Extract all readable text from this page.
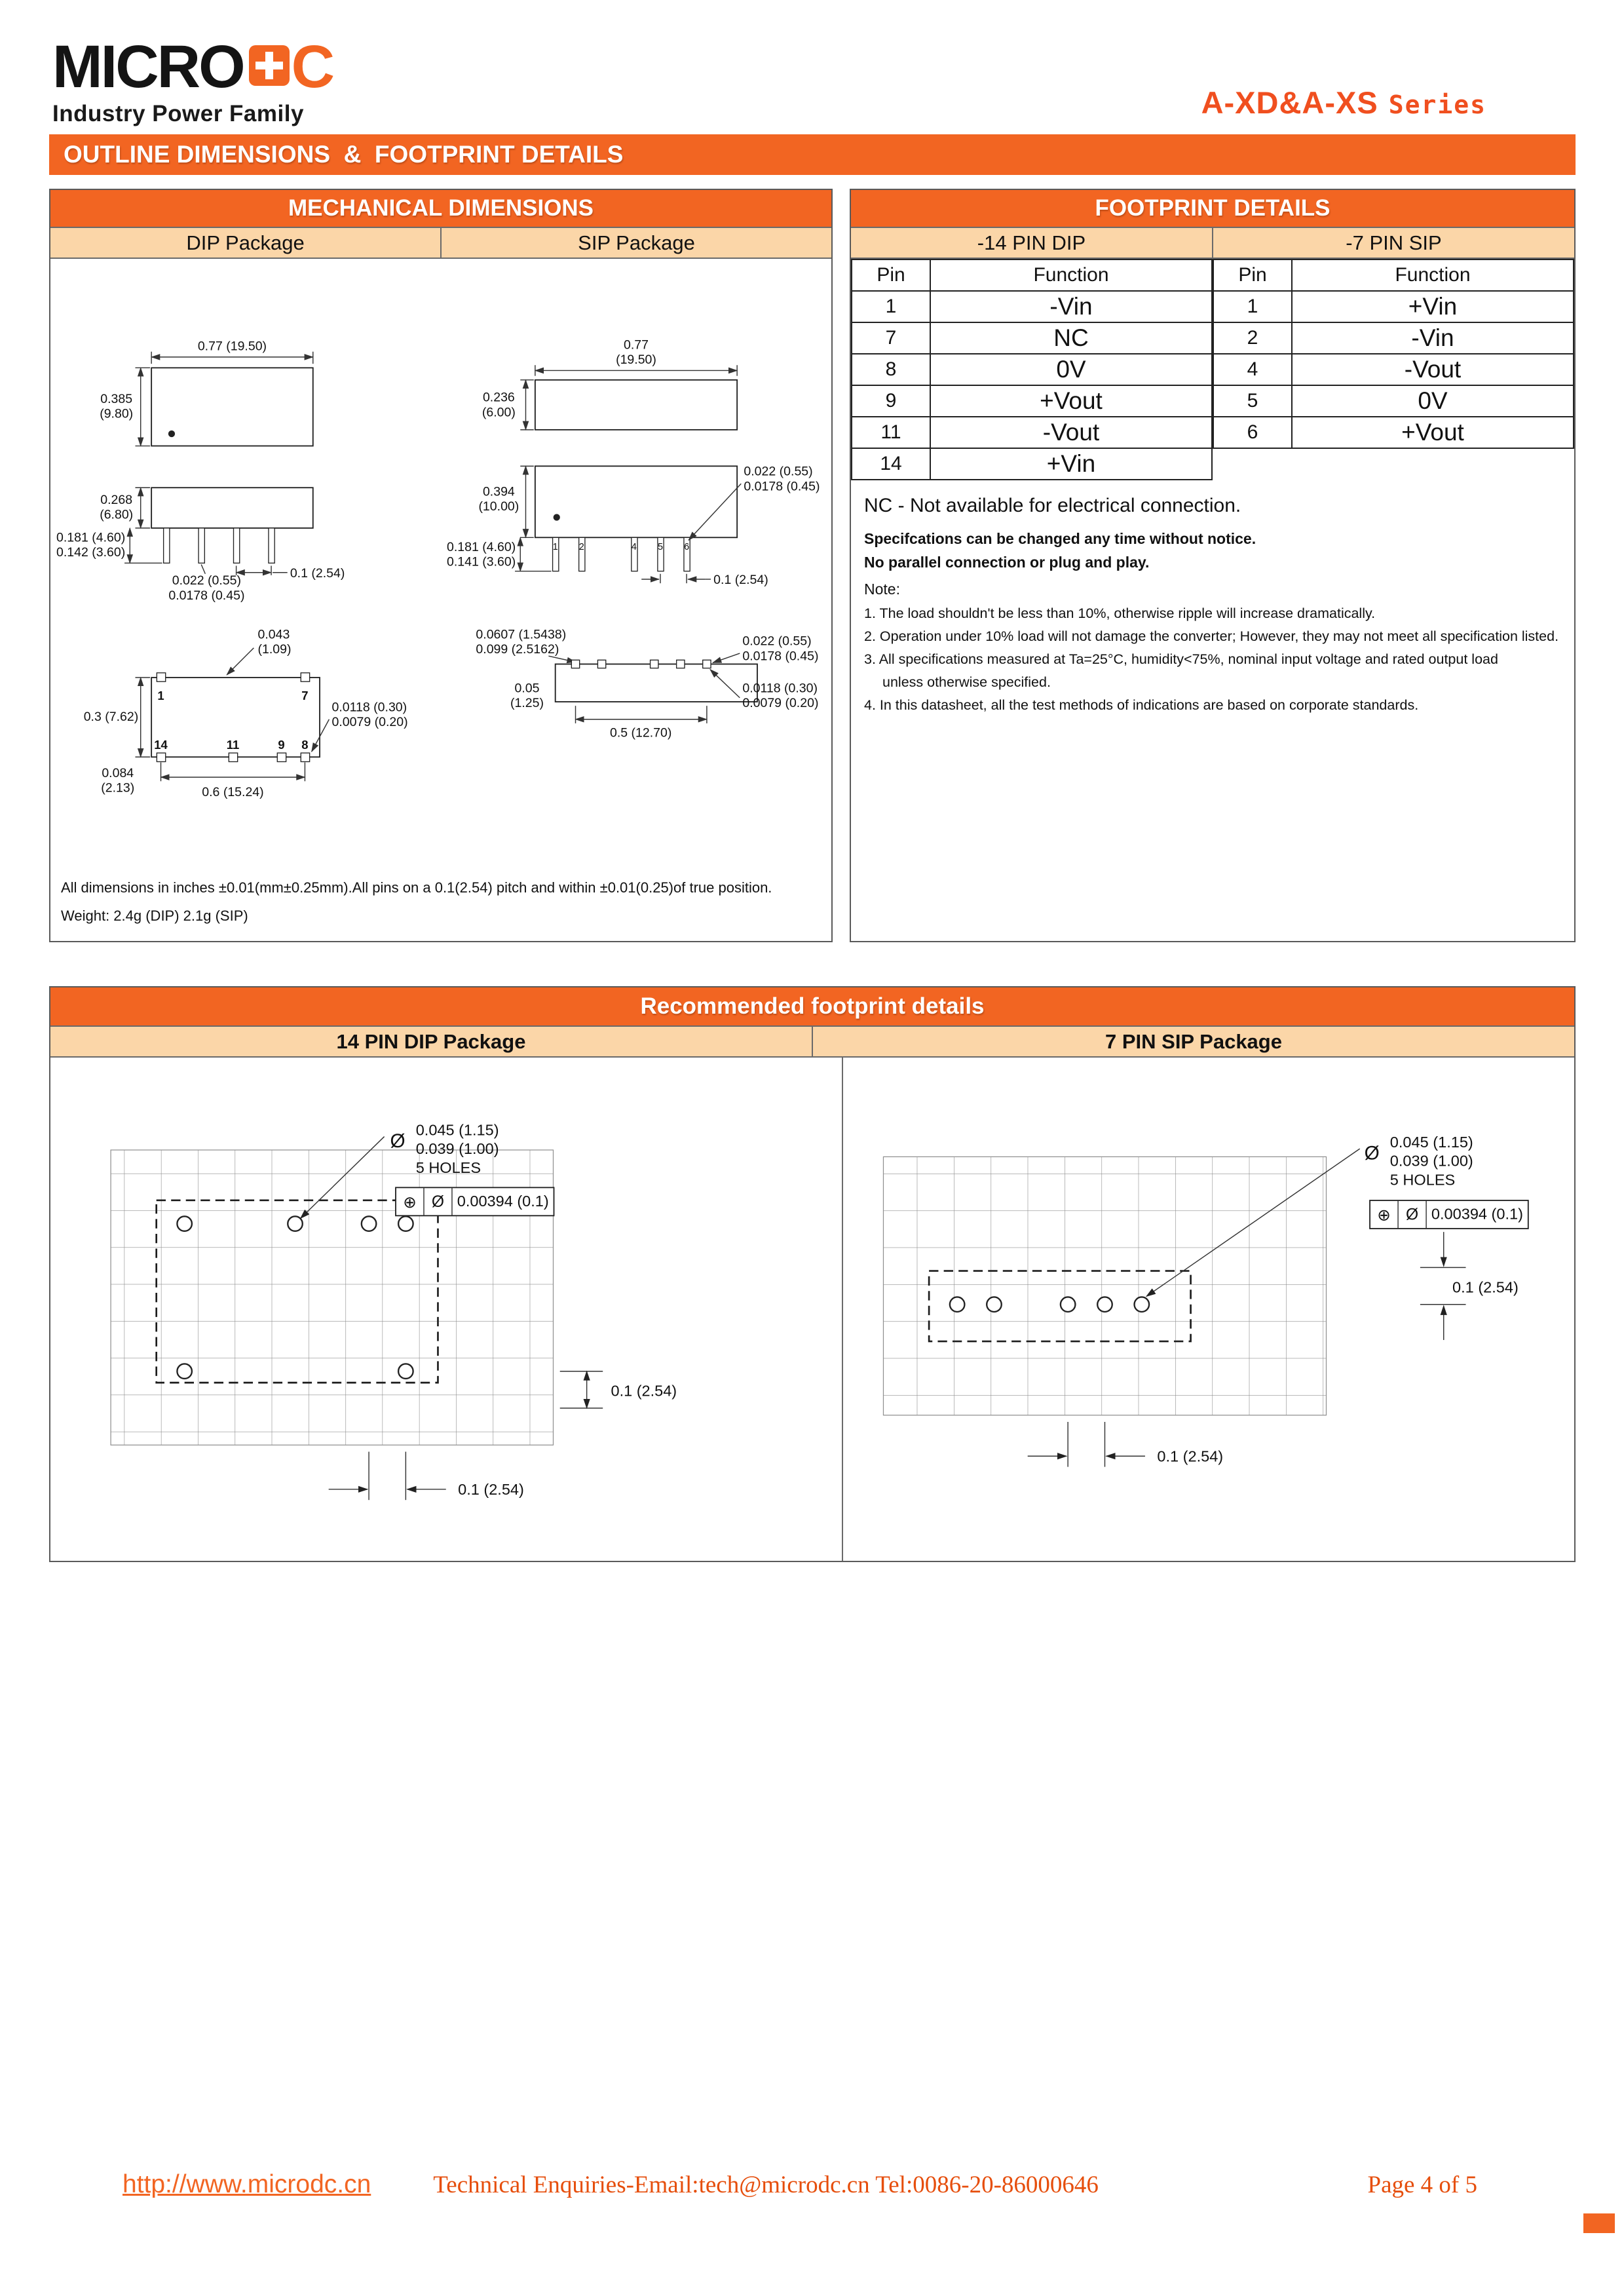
MICRO C
Industry Power Family	A-XD&A-XS Series
OUTLINE DIMENSIONS  &  FOOTPRINT DETAILS
MECHANICAL DIMENSIONS
DIP Package	SIP Package
0.77 (19.50)
0.385
(9.80)
0.268
(6.80)
0.181 (4.60)
0.142 (3.60)
0.022 (0.55)
0.0178 (0.45)
0.1 (2.54)
0.043
(1.09)
1	7
14	11	9 8
0.3 (7.62)
0.0118 (0.30)
0.0079 (0.20)
0.084
(2.13)	0.6 (15.24)
0.77
(19.50)
0.236
(6.00)
0.394
(10.00)
1 2	4 5 6
0.022 (0.55)
0.0178 (0.45)
0.181 (4.60)
0.141 (3.60)
0.1 (2.54)
0.0607 (1.5438)
0.099 (2.5162)
0.022 (0.55)
0.0178 (0.45)
0.0118 (0.30)
0.0079 (0.20)
0.05
(1.25)
0.5 (12.70)
All dimensions in inches ±0.01(mm±0.25mm).All pins on a 0.1(2.54) pitch and within ±0.01(0.25)of true position.
Weight: 2.4g (DIP) 2.1g (SIP)
FOOTPRINT DETAILS
-14 PIN DIP	-7 PIN SIP
Pin	Function
1	-Vin
7	NC
8	0V
9	+Vout
11	-Vout
14	+Vin
Pin	Function
1	+Vin
2	-Vin
4	-Vout
5	0V
6	+Vout
NC - Not available for electrical connection.
Specifcations can be changed any time without notice.
No parallel connection or plug and play.
Note:
1. The load shouldn't be less than 10%, otherwise ripple will increase dramatically.
2. Operation under 10% load will not damage the converter; However, they may not meet all specification listed.
3. All specifications measured at Ta=25°C, humidity<75%, nominal input voltage and rated output load
unless otherwise specified.
4. In this datasheet, all the test methods of indications are based on corporate standards.
Recommended footprint details
14 PIN DIP Package	7 PIN SIP Package
Ø
0.045 (1.15)
0.039 (1.00)
5 HOLES
⊕ Ø 0.00394 (0.1)
0.1 (2.54)
0.1 (2.54)
Ø
0.045 (1.15)
0.039 (1.00)
5 HOLES
⊕ Ø 0.00394 (0.1)
0.1 (2.54)
0.1 (2.54)
http://www.microdc.cn	Technical Enquiries-Email:tech@microdc.cn Tel:0086-20-86000646	Page 4 of 5
